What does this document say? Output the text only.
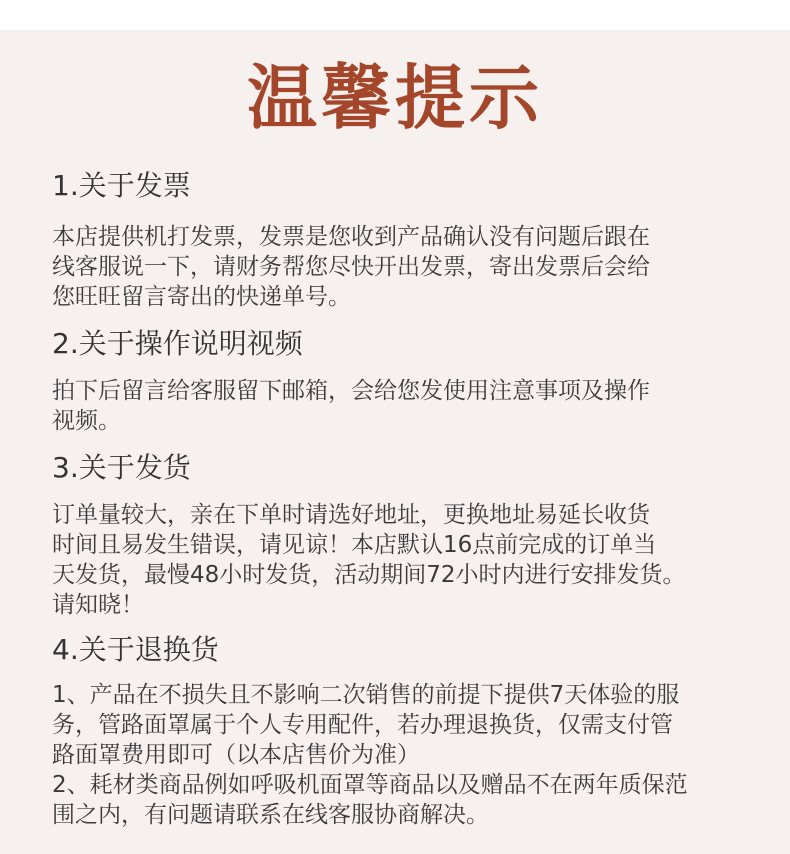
温馨提示
1.关于发票
本店提供机打发票，发票是您收到产品确认没有问题后跟在
线客服说一下，请财务帮您尽快开出发票，寄出发票后会给
您旺旺留言寄出的快递单号。
2.关于操作说明视频
拍下后留言给客服留下邮箱，会给您发使用注意事项及操作
视频。
3.关于发货
订单量较大，亲在下单时请选好地址，更换地址易延长收货
时间且易发生错误，请见谅！本店默认16点前完成的订单当
天发货，最慢48小时发货，活动期间72小时内进行安排发货。
请知晓！
4.关于退换货
1、产品在不损失且不影响二次销售的前提下提供7天体验的服
务，管路面罩属于个人专用配件，若办理退换货，仅需支付管
路面罩费用即可（以本店售价为准）
2、耗材类商品例如呼吸机面罩等商品以及赠品不在两年质保范
围之内，有问题请联系在线客服协商解决。
